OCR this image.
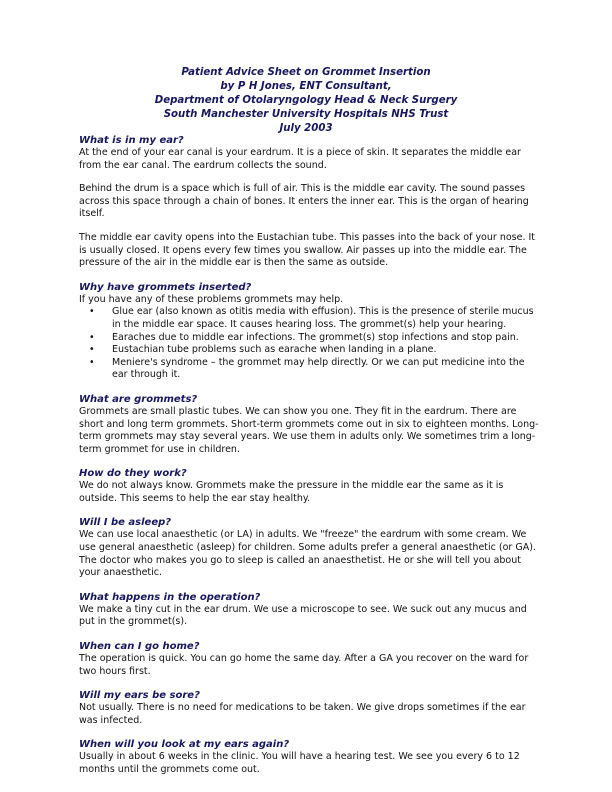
Patient Advice Sheet on Grommet Insertion
by P H Jones, ENT Consultant,
Department of Otolaryngology Head & Neck Surgery
South Manchester University Hospitals NHS Trust
July 2003
What is in my ear?

At the end of your ear canal is your eardrum. It is a piece of skin. It separates the middle ear from the ear canal. The eardrum collects the sound.

Behind the drum is a space which is full of air. This is the middle ear cavity. The sound passes across this space through a chain of bones. It enters the inner ear. This is the organ of hearing itself.

The middle ear cavity opens into the Eustachian tube. This passes into the back of your nose. It is usually closed. It opens every few times you swallow. Air passes up into the middle ear. The pressure of the air in the middle ear is then the same as outside.

Why have grommets inserted?

If you have any of these problems grommets may help.

• Glue ear (also known as otitis media with effusion). This is the presence of sterile mucus in the middle ear space. It causes hearing loss. The grommet(s) help your hearing.
• Earaches due to middle ear infections. The grommet(s) stop infections and stop pain.
• Eustachian tube problems such as earache when landing in a plane.
• Meniere's syndrome – the grommet may help directly. Or we can put medicine into the ear through it.
What are grommets?

Grommets are small plastic tubes. We can show you one. They fit in the eardrum. There are short and long term grommets. Short-term grommets come out in six to eighteen months. Long-term grommets may stay several years. We use them in adults only. We sometimes trim a long-term grommet for use in children.

How do they work?

We do not always know. Grommets make the pressure in the middle ear the same as it is outside. This seems to help the ear stay healthy.

Will I be asleep?

We can use local anaesthetic (or LA) in adults. We "freeze" the eardrum with some cream. We use general anaesthetic (asleep) for children. Some adults prefer a general anaesthetic (or GA). The doctor who makes you go to sleep is called an anaesthetist. He or she will tell you about your anaesthetic.

What happens in the operation?

We make a tiny cut in the ear drum. We use a microscope to see. We suck out any mucus and put in the grommet(s).

When can I go home?

The operation is quick. You can go home the same day. After a GA you recover on the ward for two hours first.

Will my ears be sore?

Not usually. There is no need for medications to be taken. We give drops sometimes if the ear was infected.

When will you look at my ears again?

Usually in about 6 weeks in the clinic. You will have a hearing test. We see you every 6 to 12 months until the grommets come out.
